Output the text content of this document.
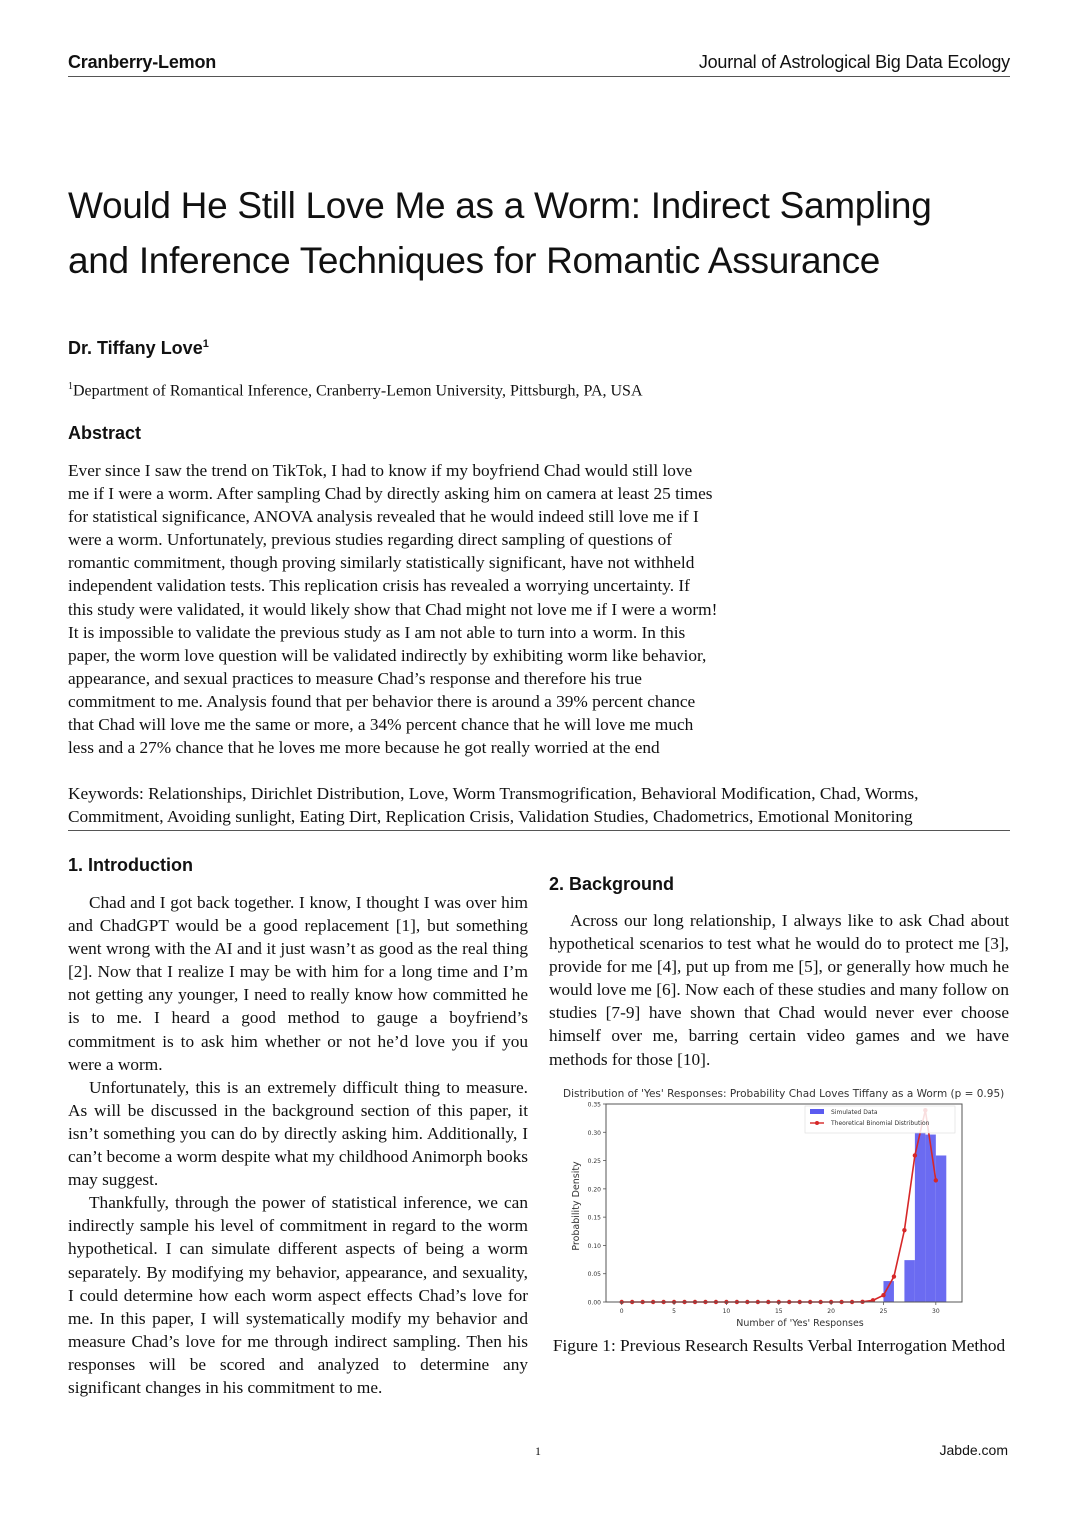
Cranberry-Lemon	Journal of Astrological Big Data Ecology
Would He Still Love Me as a Worm: Indirect Sampling
and Inference Techniques for Romantic Assurance
Dr. Tiffany Love$^1$
$^1$Department of Romantical Inference, Cranberry-Lemon University, Pittsburgh, PA, USA
Abstract
Ever since I saw the trend on TikTok, I had to know if my boyfriend Chad would still love
me if I were a worm. After sampling Chad by directly asking him on camera at least 25 times
for statistical significance, ANOVA analysis revealed that he would indeed still love me if I
were a worm. Unfortunately, previous studies regarding direct sampling of questions of
romantic commitment, though proving similarly statistically significant, have not withheld
independent validation tests. This replication crisis has revealed a worrying uncertainty. If
this study were validated, it would likely show that Chad might not love me if I were a worm!
It is impossible to validate the previous study as I am not able to turn into a worm. In this
paper, the worm love question will be validated indirectly by exhibiting worm like behavior,
appearance, and sexual practices to measure Chad’s response and therefore his true
commitment to me. Analysis found that per behavior there is around a 39% percent chance
that Chad will love me the same or more, a 34% percent chance that he will love me much
less and a 27% chance that he loves me more because he got really worried at the end
Keywords: Relationships, Dirichlet Distribution, Love, Worm Transmogrification, Behavioral Modification, Chad, Worms,
Commitment, Avoiding sunlight, Eating Dirt, Replication Crisis, Validation Studies, Chadometrics, Emotional Monitoring
1. Introduction

Chad and I got back together. I know, I thought I was over him and ChadGPT would be a good replacement [1], but something went wrong with the AI and it just wasn’t as good as the real thing [2]. Now that I realize I may be with him for a long time and I’m not getting any younger, I need to really know how committed he is to me. I heard a good method to gauge a boyfriend’s commitment is to ask him whether or not he’d love you if you were a worm.

Unfortunately, this is an extremely difficult thing to measure. As will be discussed in the background section of this paper, it isn’t something you can do by directly asking him. Additionally, I can’t become a worm despite what my childhood Animorph books may suggest.

Thankfully, through the power of statistical inference, we can indirectly sample his level of commitment in regard to the worm hypothetical. I can simulate different aspects of being a worm separately. By modifying my behavior, appearance, and sexuality, I could determine how each worm aspect effects Chad’s love for me. In this paper, I will systematically modify my behavior and measure Chad’s love for me through indirect sampling. Then his responses will be scored and analyzed to determine any significant changes in his commitment to me.

2. Background

Across our long relationship, I always like to ask Chad about hypothetical scenarios to test what he would do to protect me [3], provide for me [4], put up from me [5], or generally how much he would love me [6]. Now each of these studies and many follow on studies [7-9] have shown that Chad would never ever choose himself over me, barring certain video games and we have methods for those [10].

Distribution of 'Yes' Responses: Probability Chad Loves Tiffany as a Worm (p = 0.95)
0.00
0.05
0.10
0.15
0.20
0.25
0.30
0.35
0	5	10	15	20	25	30
Probability Density
Number of 'Yes' Responses
Simulated Data
Theoretical Binomial Distribution
Figure 1: Previous Research Results Verbal Interrogation Method
1	Jabde.com
